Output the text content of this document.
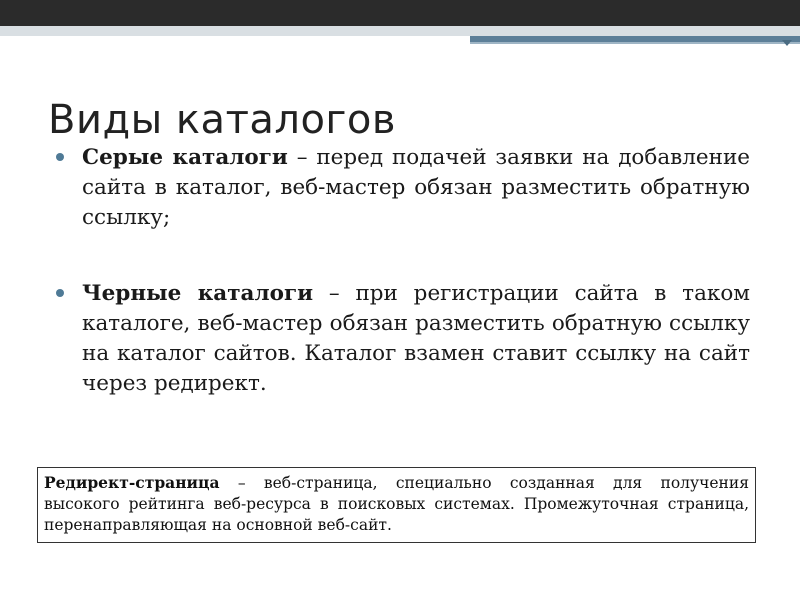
Виды каталогов
Серые каталоги – перед подачей заявки на добавление сайта в каталог, веб-мастер обязан разместить обратную ссылку;
Черные каталоги – при регистрации сайта в таком каталоге, веб-мастер обязан разместить обратную ссылку на каталог сайтов. Каталог взамен ставит ссылку на сайт через редирект.
Редирект-страница – веб-страница, специально созданная для получения высокого рейтинга веб-ресурса в поисковых системах. Промежуточная страница, перенаправляющая на основной веб-сайт.
